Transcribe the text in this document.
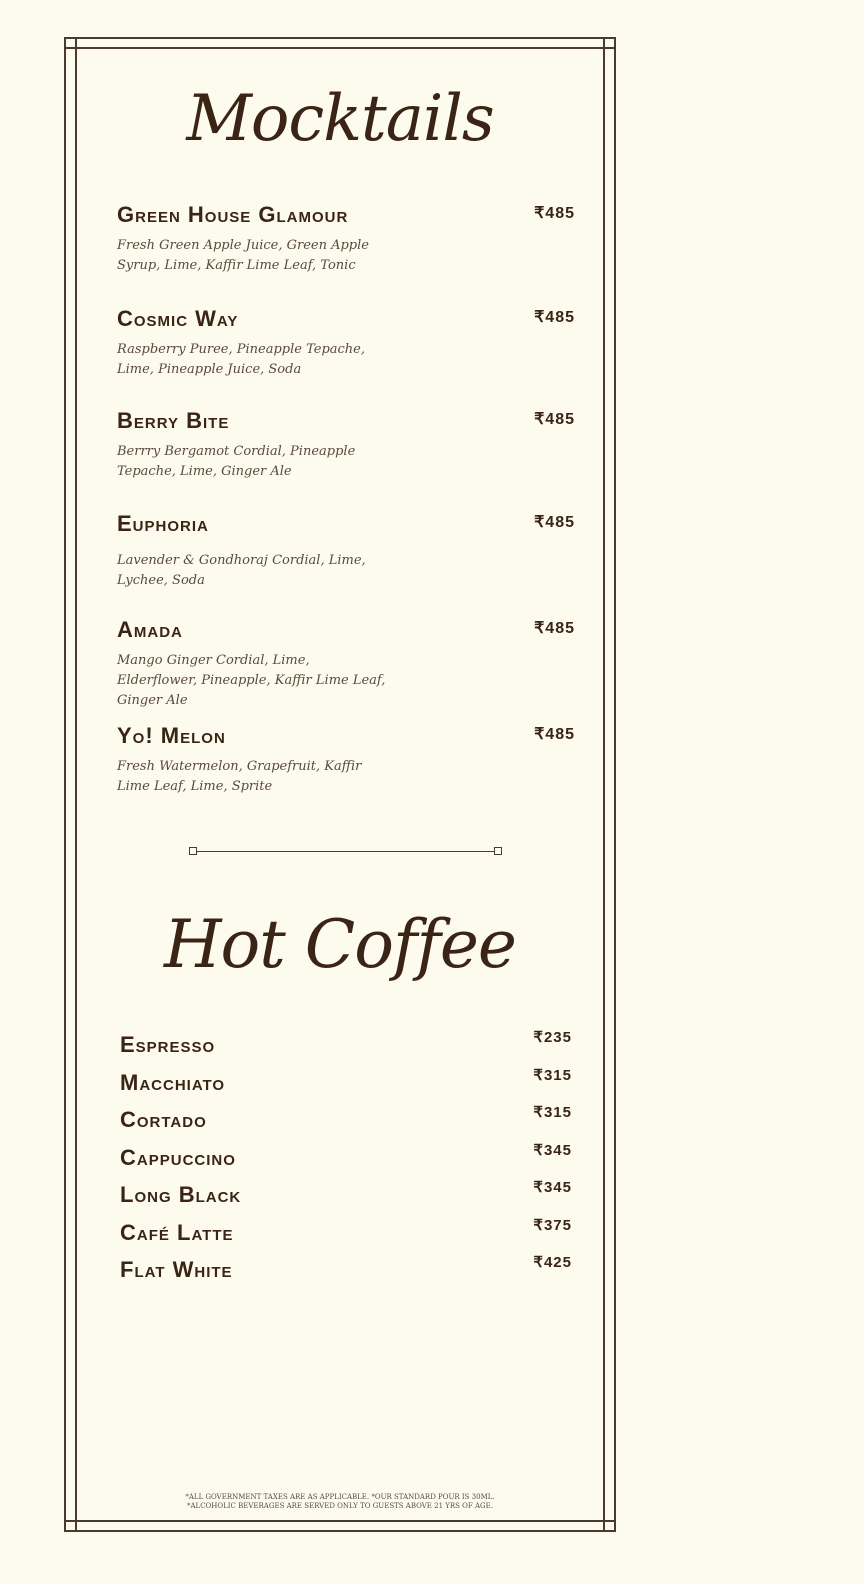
Mocktails
Green House Glamour	₹485
Fresh Green Apple Juice, Green Apple Syrup, Lime, Kaffir Lime Leaf, Tonic
Cosmic Way	₹485
Raspberry Puree, Pineapple Tepache, Lime, Pineapple Juice, Soda
Berry Bite	₹485
Berrry Bergamot Cordial, Pineapple Tepache, Lime, Ginger Ale
Euphoria	₹485
Lavender & Gondhoraj Cordial, Lime, Lychee, Soda
Amada	₹485
Mango Ginger Cordial, Lime, Elderflower, Pineapple, Kaffir Lime Leaf, Ginger Ale
Yo! Melon	₹485
Fresh Watermelon, Grapefruit, Kaffir Lime Leaf, Lime, Sprite
Hot Coffee
Espresso	₹235
Macchiato	₹315
Cortado	₹315
Cappuccino	₹345
Long Black	₹345
Café Latte	₹375
Flat White	₹425
*ALL GOVERNMENT TAXES ARE AS APPLICABLE. *OUR STANDARD POUR IS 30ML.
*ALCOHOLIC BEVERAGES ARE SERVED ONLY TO GUESTS ABOVE 21 YRS OF AGE.
